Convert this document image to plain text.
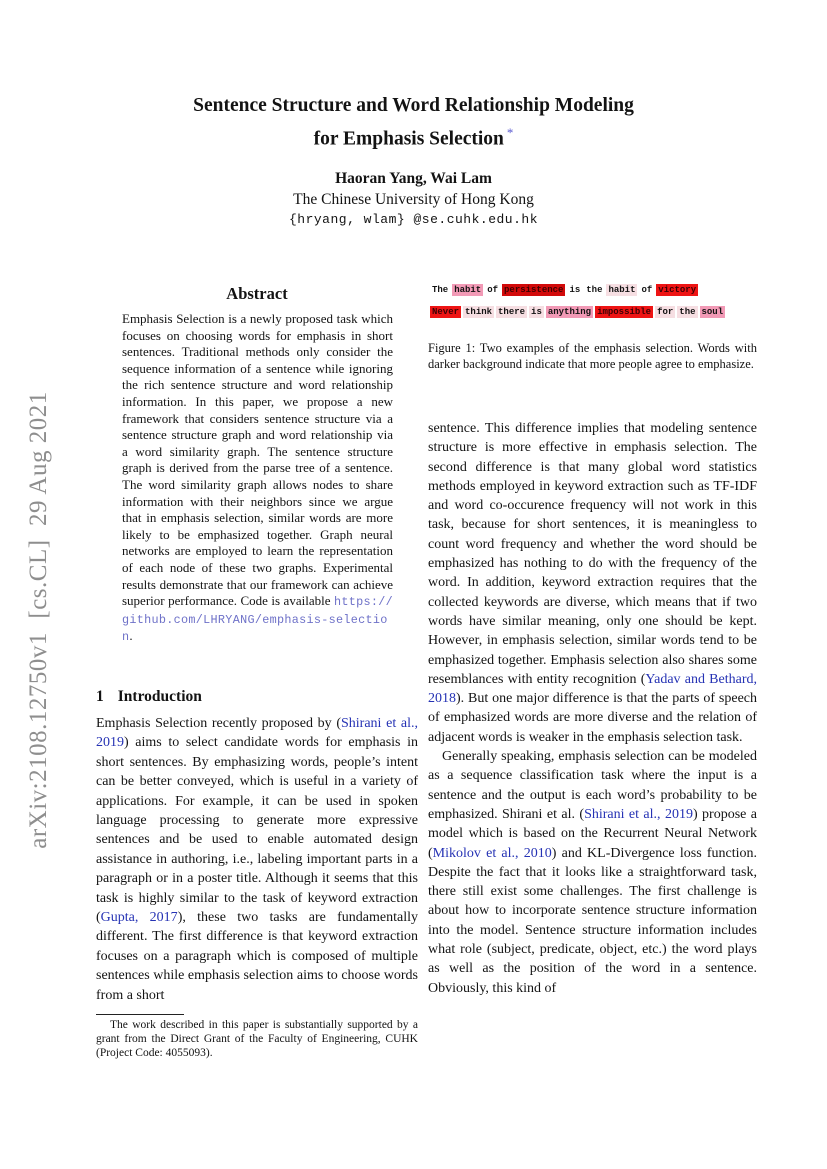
arXiv:2108.12750v1  [cs.CL]  29 Aug 2021
Sentence Structure and Word Relationship Modeling
for Emphasis Selection *
Haoran Yang, Wai Lam
The Chinese University of Hong Kong
{hryang, wlam} @se.cuhk.edu.hk
Abstract
Emphasis Selection is a newly proposed task which focuses on choosing words for emphasis in short sentences. Traditional methods only consider the sequence information of a sentence while ignoring the rich sentence structure and word relationship information. In this paper, we propose a new framework that considers sentence structure via a sentence structure graph and word relationship via a word similarity graph. The sentence structure graph is derived from the parse tree of a sentence. The word similarity graph allows nodes to share information with their neighbors since we argue that in emphasis selection, similar words are more likely to be emphasized together. Graph neural networks are employed to learn the representation of each node of these two graphs. Experimental results demonstrate that our framework can achieve superior performance. Code is available https://github.com/LHRYANG/emphasis-selection.
1 Introduction
Emphasis Selection recently proposed by (Shirani et al., 2019) aims to select candidate words for emphasis in short sentences. By emphasizing words, people’s intent can be better conveyed, which is useful in a variety of applications. For example, it can be used in spoken language processing to generate more expressive sentences and be used to enable automated design assistance in authoring, i.e., labeling important parts in a paragraph or in a poster title. Although it seems that this task is highly similar to the task of keyword extraction (Gupta, 2017), these two tasks are fundamentally different. The first difference is that keyword extraction focuses on a paragraph which is composed of multiple sentences while emphasis selection aims to choose words from a short
The work described in this paper is substantially supported by a grant from the Direct Grant of the Faculty of Engineering, CUHK (Project Code: 4055093).
The habit of persistence is the habit of victory
Never think there is anything impossible for the soul
Figure 1: Two examples of the emphasis selection. Words with darker background indicate that more people agree to emphasize.

sentence. This difference implies that modeling sentence structure is more effective in emphasis selection. The second difference is that many global word statistics methods employed in keyword extraction such as TF-IDF and word co-occurence frequency will not work in this task, because for short sentences, it is meaningless to count word frequency and whether the word should be emphasized has nothing to do with the frequency of the word. In addition, keyword extraction requires that the collected keywords are diverse, which means that if two words have similar meaning, only one should be kept. However, in emphasis selection, similar words tend to be emphasized together. Emphasis selection also shares some resemblances with entity recognition (Yadav and Bethard, 2018). But one major difference is that the parts of speech of emphasized words are more diverse and the relation of adjacent words is weaker in the emphasis selection task.

Generally speaking, emphasis selection can be modeled as a sequence classification task where the input is a sentence and the output is each word’s probability to be emphasized. Shirani et al. (Shirani et al., 2019) propose a model which is based on the Recurrent Neural Network (Mikolov et al., 2010) and KL-Divergence loss function. Despite the fact that it looks like a straightforward task, there still exist some challenges. The first challenge is about how to incorporate sentence structure information into the model. Sentence structure information includes what role (subject, predicate, object, etc.) the word plays as well as the position of the word in a sentence. Obviously, this kind of
